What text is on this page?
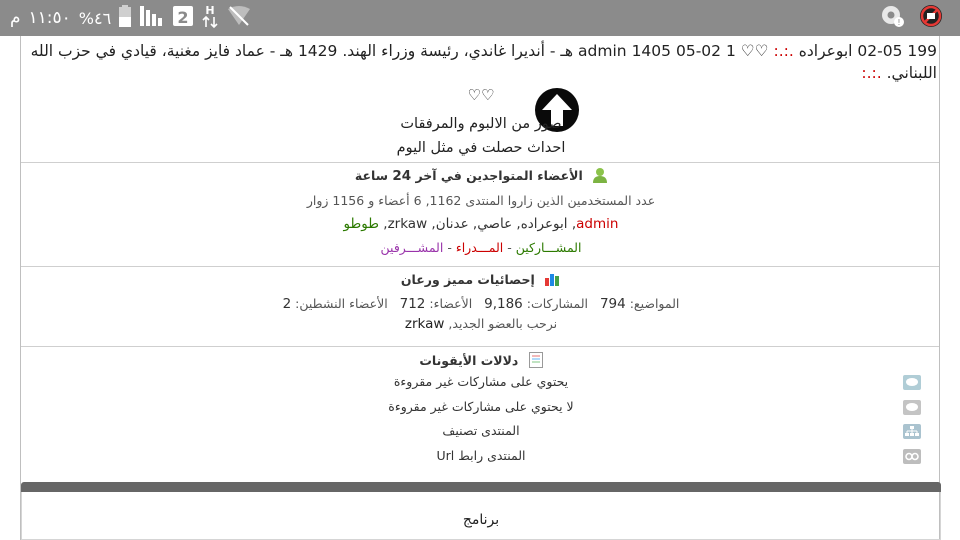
م ١١:٥٠ %٤٦	2 H
!
199 02-05 ابوعراده .:.: ♡♡ 1 02-05 1405 admin هـ - أنديرا غاندي، رئيسة وزراء الهند. 1429 هـ - عماد فايز مغنية، قيادي في حزب الله اللبناني. .:.:
♡♡
صور من الالبوم والمرفقات
احداث حصلت في مثل اليوم
الأعضاء المتواجدين في آخر 24 ساعة
عدد المستخدمين الذين زاروا المنتدى 1162, 6 أعضاء و 1156 زوار
admin, ابوعراده, عاصي, عدنان, zrkaw, طوطو
المشـــاركين - المـــدراء - المشـــرفين
إحصائيات مميز ورعان
المواضيع: 794   المشاركات: 9,186   الأعضاء: 712   الأعضاء النشطين: 2
نرحب بالعضو الجديد, zrkaw
دلالات الأيقونات
يحتوي على مشاركات غير مقروءة
لا يحتوي على مشاركات غير مقروءة
المنتدى تصنيف
المنتدى رابط Url
برنامج
